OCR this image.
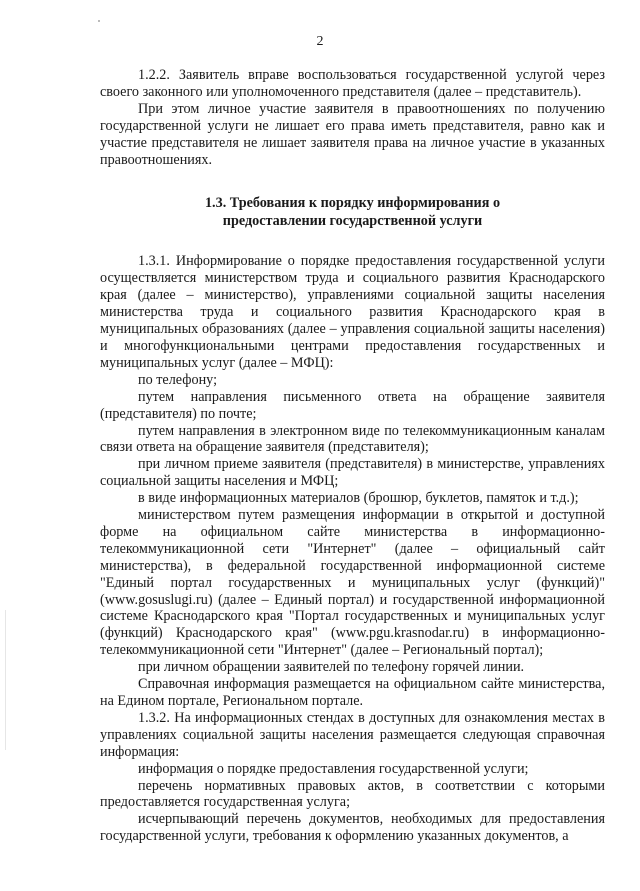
2

1.2.2. Заявитель вправе воспользоваться государственной услугой через своего законного или уполномоченного представителя (далее – представитель).

При этом личное участие заявителя в правоотношениях по получению государственной услуги не лишает его права иметь представителя, равно как и участие представителя не лишает заявителя права на личное участие в указанных правоотношениях.

1.3. Требования к порядку информирования о
предоставлении государственной услуги

1.3.1. Информирование о порядке предоставления государственной услуги осуществляется министерством труда и социального развития Краснодарского края (далее – министерство), управлениями социальной защиты населения министерства труда и социального развития Краснодарского края в муниципальных образованиях (далее – управления социальной защиты населения) и многофункциональными центрами предоставления государственных и муниципальных услуг (далее – МФЦ):

по телефону;

путем направления письменного ответа на обращение заявителя (представителя) по почте;

путем направления в электронном виде по телекоммуникационным каналам связи ответа на обращение заявителя (представителя);

при личном приеме заявителя (представителя) в министерстве, управлениях социальной защиты населения и МФЦ;

в виде информационных материалов (брошюр, буклетов, памяток и т.д.);

министерством путем размещения информации в открытой и доступной форме на официальном сайте министерства в информационно-телекоммуникационной сети "Интернет" (далее – официальный сайт министерства), в федеральной государственной информационной системе "Единый портал государственных и муниципальных услуг (функций)" (www.gosuslugi.ru) (далее – Единый портал) и государственной информационной системе Краснодарского края "Портал государственных и муниципальных услуг (функций) Краснодарского края" (www.pgu.krasnodar.ru) в информационно-телекоммуникационной сети "Интернет" (далее – Региональный портал);

при личном обращении заявителей по телефону горячей линии.

Справочная информация размещается на официальном сайте министерства, на Едином портале, Региональном портале.

1.3.2. На информационных стендах в доступных для ознакомления местах в управлениях социальной защиты населения размещается следующая справочная информация:

информация о порядке предоставления государственной услуги;

перечень нормативных правовых актов, в соответствии с которыми предоставляется государственная услуга;

исчерпывающий перечень документов, необходимых для предоставления государственной услуги, требования к оформлению указанных документов, а
